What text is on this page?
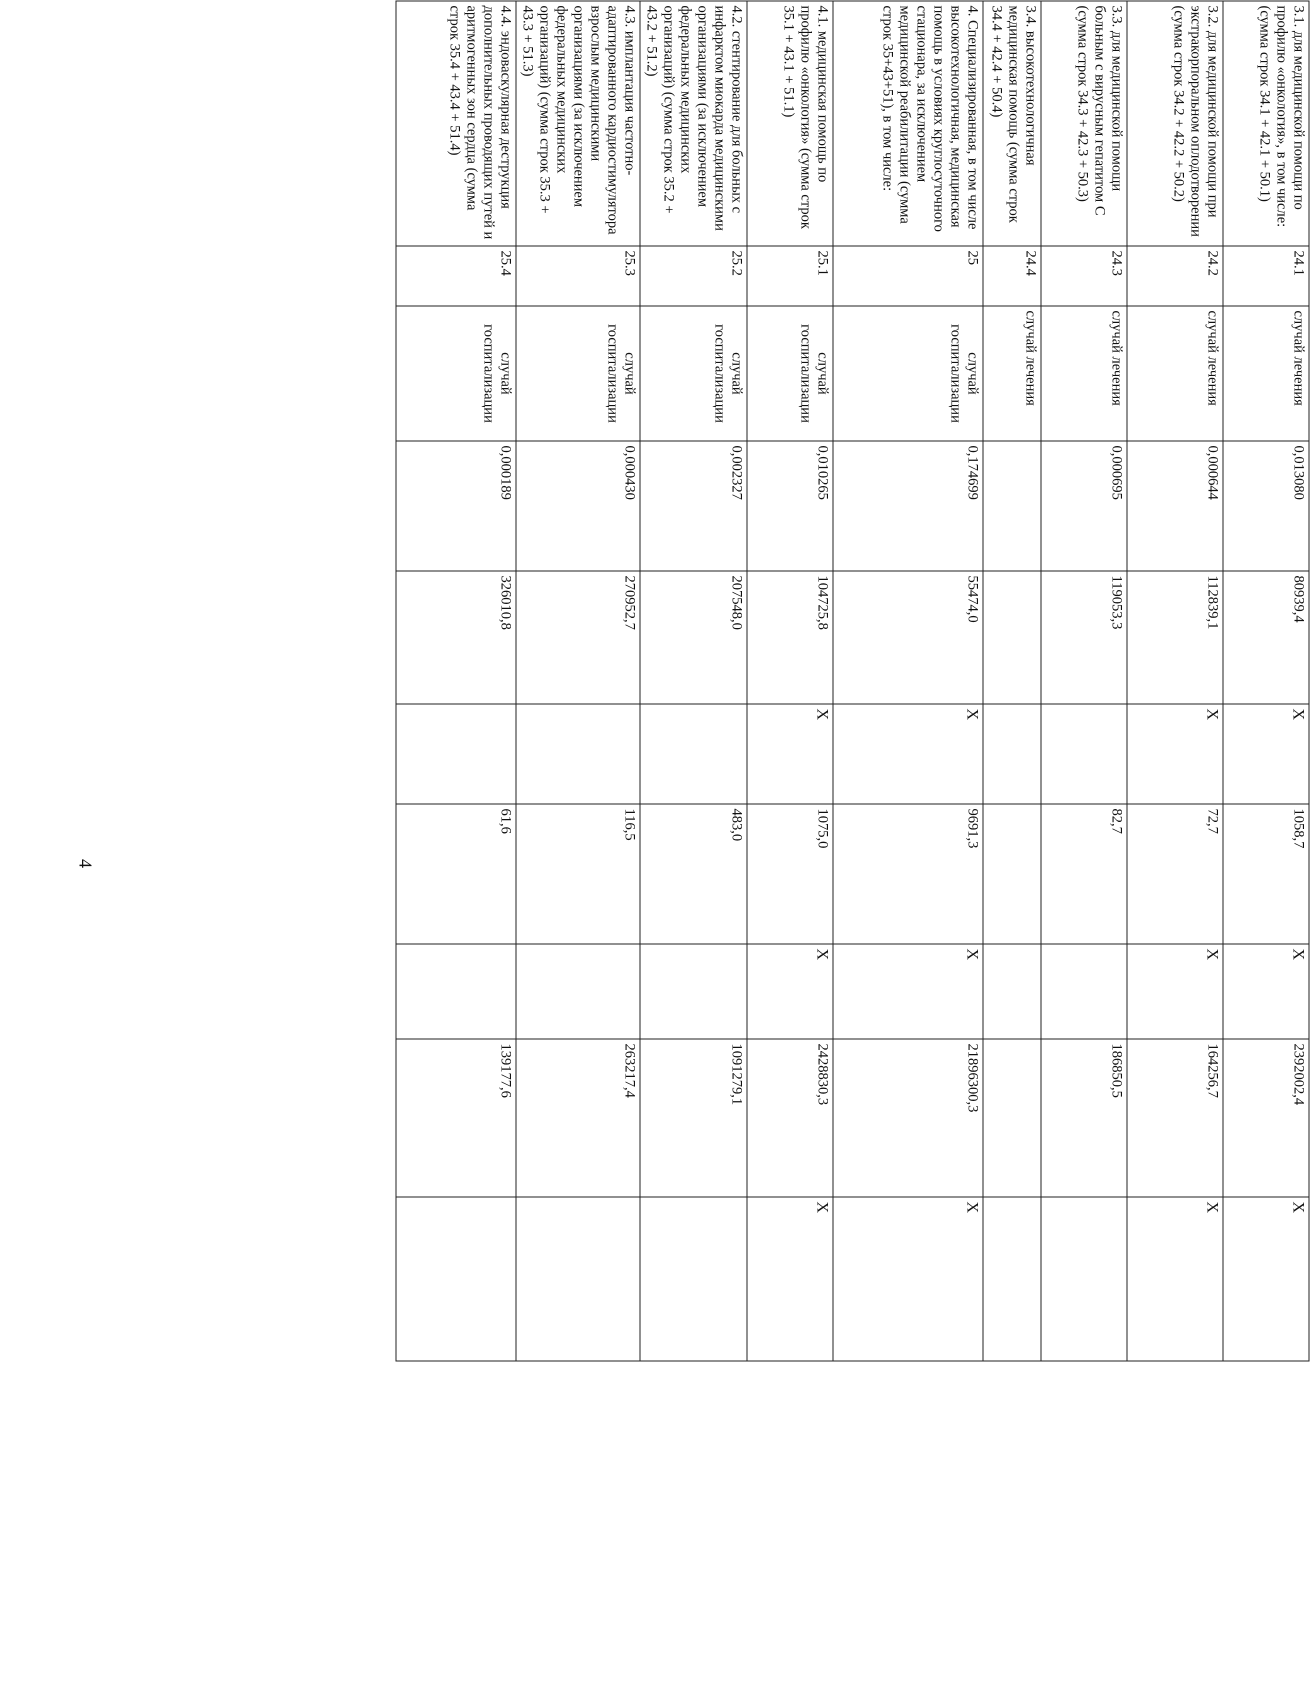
4
3.1. для медицинской помощи по профилю «онкология», в том числе: (сумма строк 34.1 + 42.1 + 50.1)	24.1	случай лечения	0,013080	80939,4	X	1058,7	X	2392002,4	X
3.2. для медицинской помощи при экстракорпоральном оплодотворении (сумма строк 34.2 + 42.2 + 50.2)	24.2	случай лечения	0,000644	112839,1	X	72,7	X	164256,7	X
3.3. для медицинской помощи больным с вирусным гепатитом С (сумма строк 34.3 + 42.3 + 50.3)	24.3	случай лечения	0,000695	119053,3		82,7		186850,5	
3.4. высокотехнологичная медицинская помощь (сумма строк 34.4 + 42.4 + 50.4)	24.4	случай лечения							
4. Специализированная, в том числе высокотехнологичная, медицинская помощь в условиях круглосуточного стационара, за исключением медицинской реабилитации (сумма строк 35+43+51), в том числе:	25	случай госпитализации	0,174699	55474,0	X	9691,3	X	21896300,3	X
4.1. медицинская помощь по профилю «онкология» (сумма строк 35.1 + 43.1 + 51.1)	25.1	случай госпитализации	0,010265	104725,8	X	1075,0	X	2428830,3	X
4.2. стентирование для больных с инфарктом миокарда медицинскими организациями (за исключением федеральных медицинских организаций) (сумма строк 35.2 + 43.2 + 51.2)	25.2	случай госпитализации	0,002327	207548,0		483,0		1091279,1	
4.3. имплантация частотно-адаптированного кардиостимулятора взрослым медицинскими организациями (за исключением федеральных медицинских организаций) (сумма строк 35.3 + 43.3 + 51.3)	25.3	случай госпитализации	0,000430	270952,7		116,5		263217,4	
4.4. эндоваскулярная деструкция дополнительных проводящих путей и аритмогенных зон сердца (сумма строк 35.4 + 43.4 + 51.4)	25.4	случай госпитализации	0,000189	326010,8		61,6		139177,6	
